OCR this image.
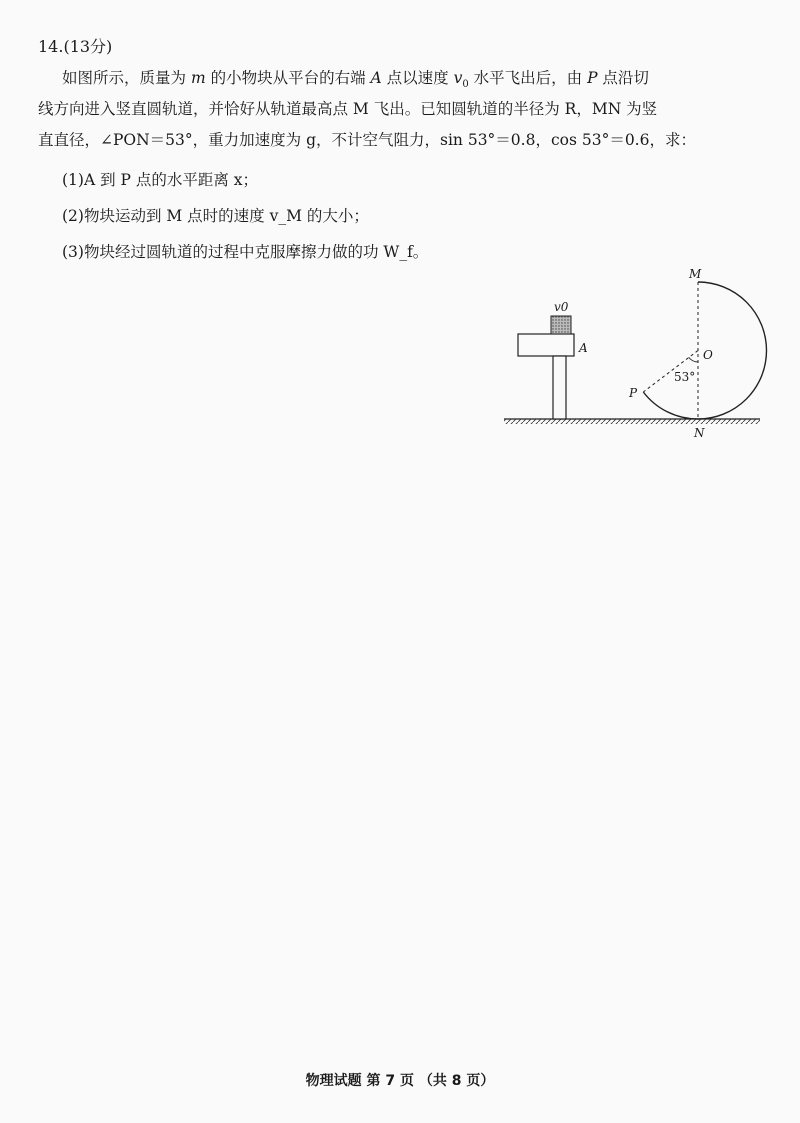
14.(13分)
如图所示，质量为 m 的小物块从平台的右端 A 点以速度 $v_0$ 水平飞出后，由 P 点沿切
线方向进入竖直圆轨道，并恰好从轨道最高点 M 飞出。已知圆轨道的半径为 R，MN 为竖
直直径，∠PON＝53°，重力加速度为 g，不计空气阻力，sin 53°＝0.8，cos 53°＝0.6，求：
(1)A 到 P 点的水平距离 x；
(2)物块运动到 M 点时的速度 v_M 的大小；
(3)物块经过圆轨道的过程中克服摩擦力做的功 W_f。
v0
A
M
O
53°
P
N
物理试题 第 7 页 （共 8 页）
